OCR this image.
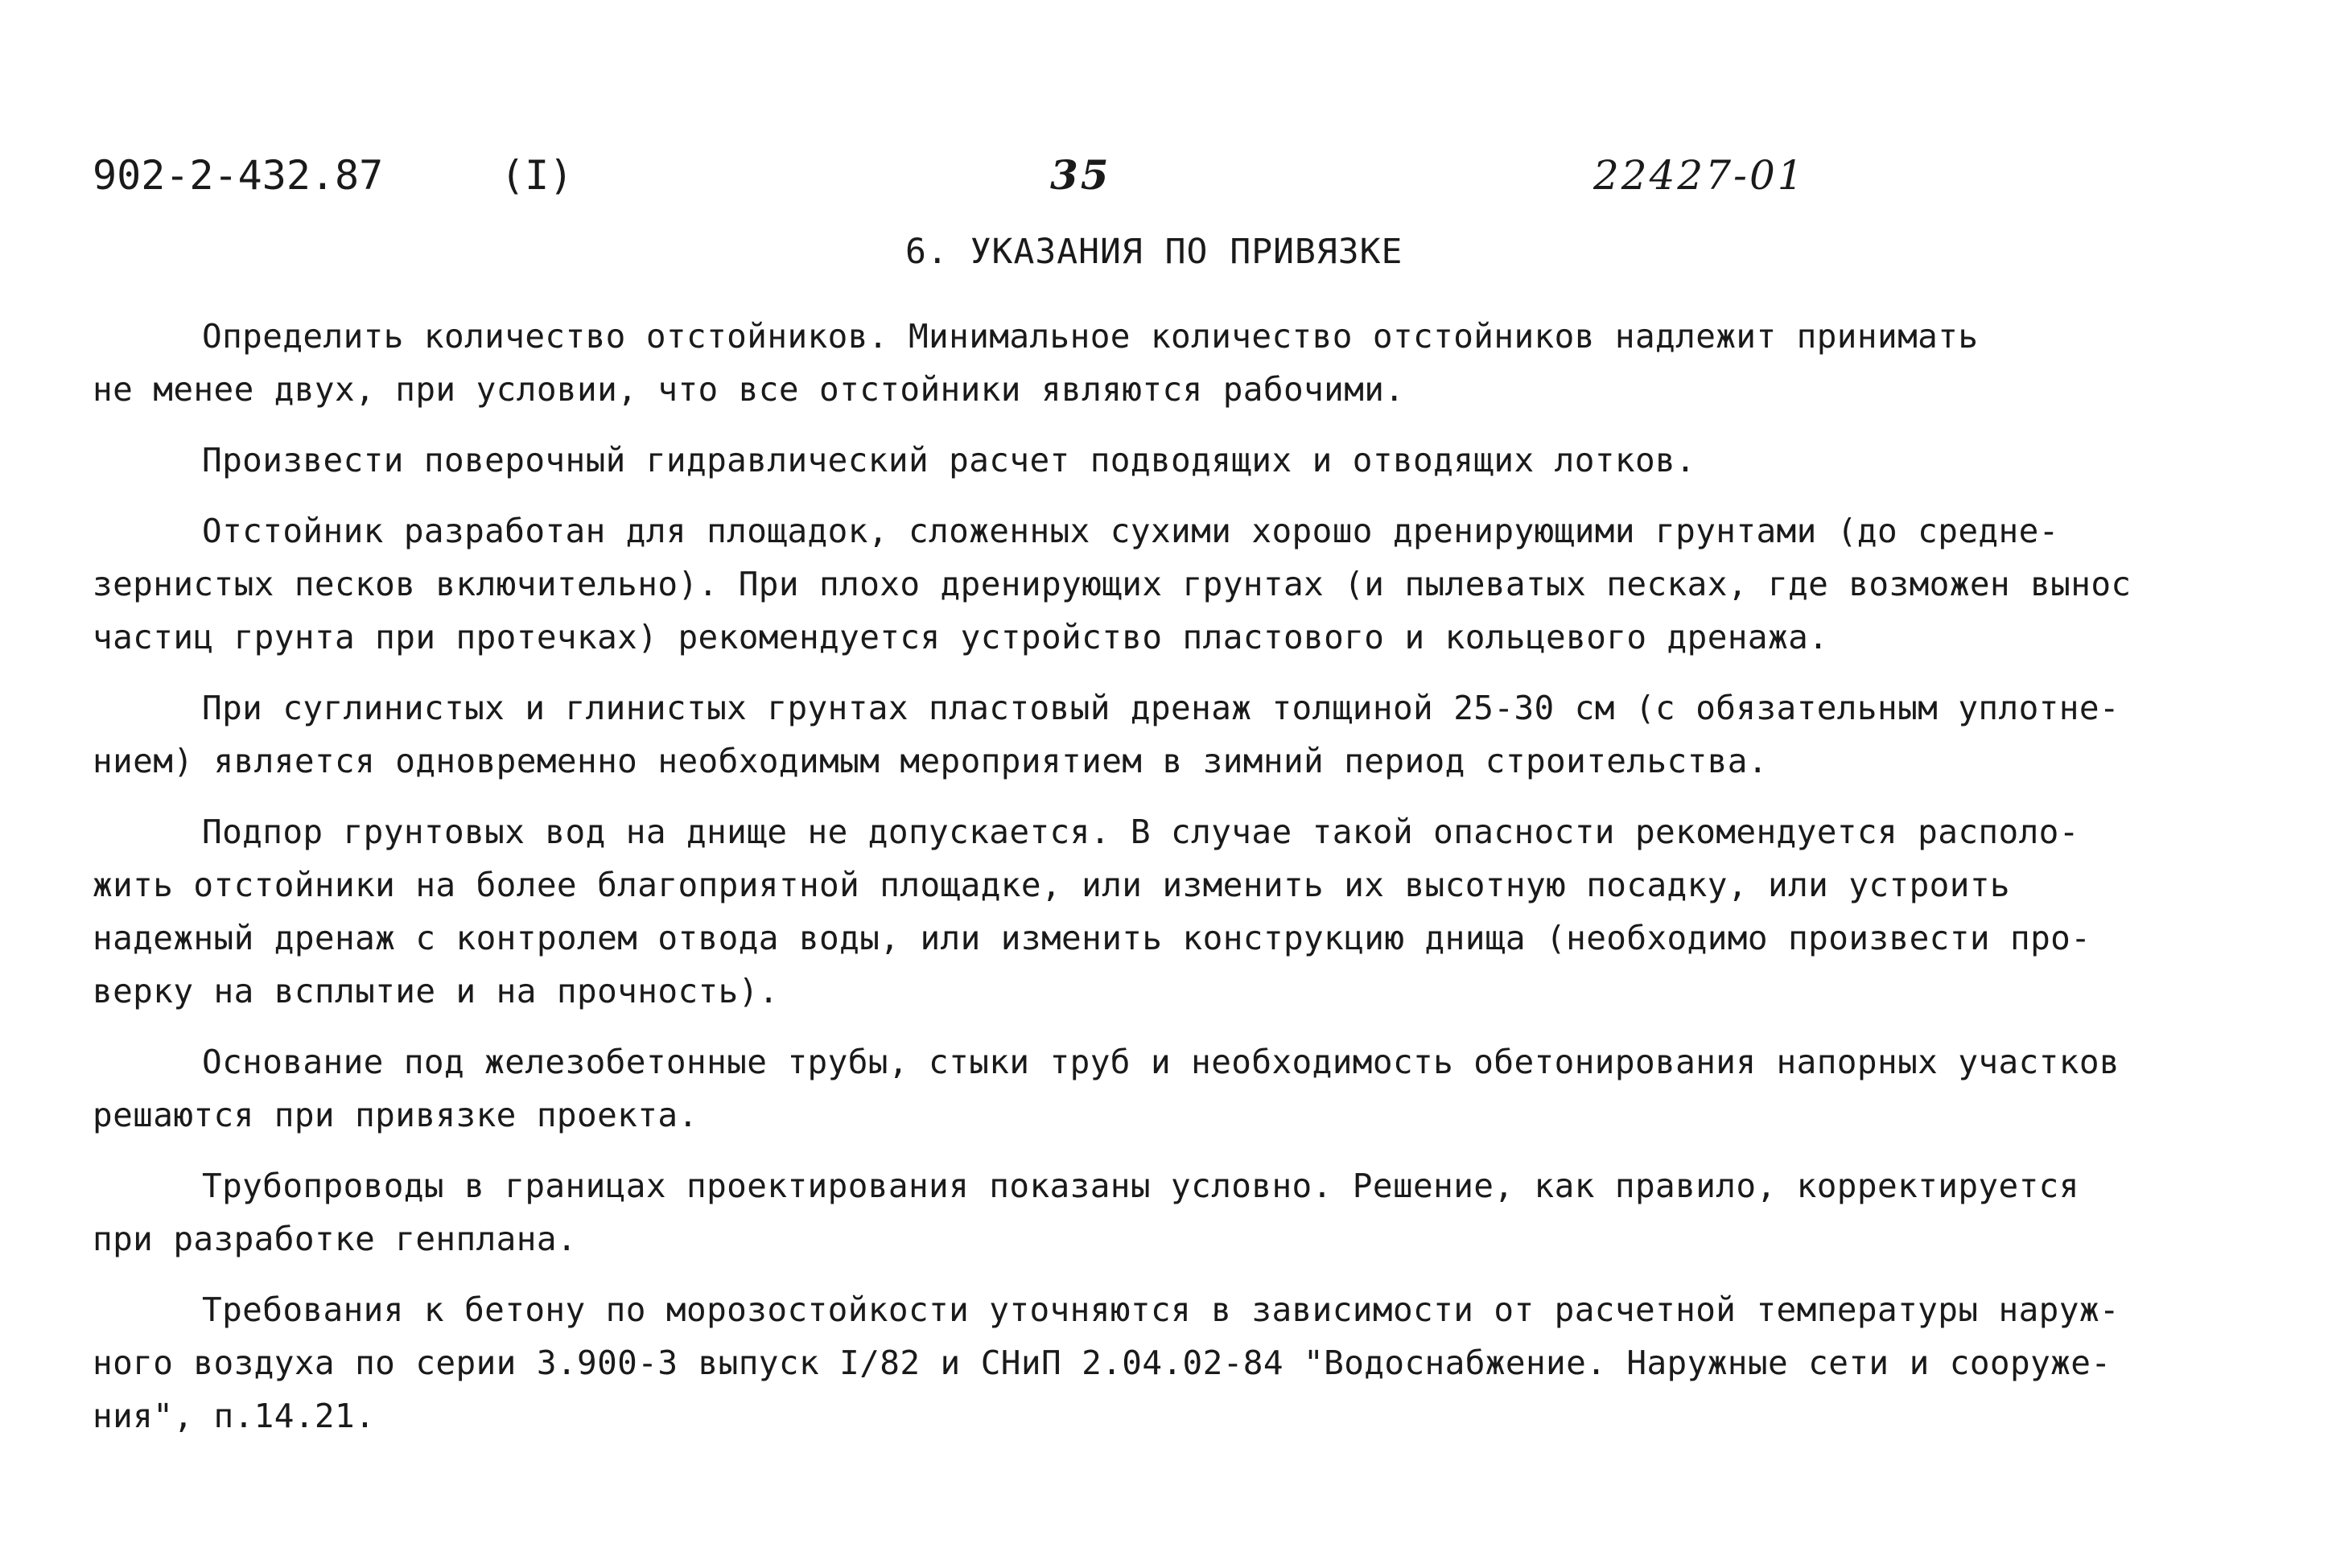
902-2-432.87	(I)	35	22427-01
6. УКАЗАНИЯ ПО ПРИВЯЗКЕ
Определить количество отстойников. Минимальное количество отстойников надлежит принимать
не менее двух, при условии, что все отстойники являются рабочими.
Произвести поверочный гидравлический расчет подводящих и отводящих лотков.
Отстойник разработан для площадок, сложенных сухими хорошо дренирующими грунтами (до средне-
зернистых песков включительно). При плохо дренирующих грунтах (и пылеватых песках, где возможен вынос
частиц грунта при протечках) рекомендуется устройство пластового и кольцевого дренажа.
При суглинистых и глинистых грунтах пластовый дренаж толщиной 25-30 см (с обязательным уплотне-
нием) является одновременно необходимым мероприятием в зимний период строительства.
Подпор грунтовых вод на днище не допускается. В случае такой опасности рекомендуется располо-
жить отстойники на более благоприятной площадке, или изменить их высотную посадку, или устроить
надежный дренаж с контролем отвода воды, или изменить конструкцию днища (необходимо произвести про-
верку на всплытие и на прочность).
Основание под железобетонные трубы, стыки труб и необходимость обетонирования напорных участков
решаются при привязке проекта.
Трубопроводы в границах проектирования показаны условно. Решение, как правило, корректируется
при разработке генплана.
Требования к бетону по морозостойкости уточняются в зависимости от расчетной температуры наруж-
ного воздуха по серии 3.900-3 выпуск I/82 и СНиП 2.04.02-84 "Водоснабжение. Наружные сети и сооруже-
ния", п.14.21.
